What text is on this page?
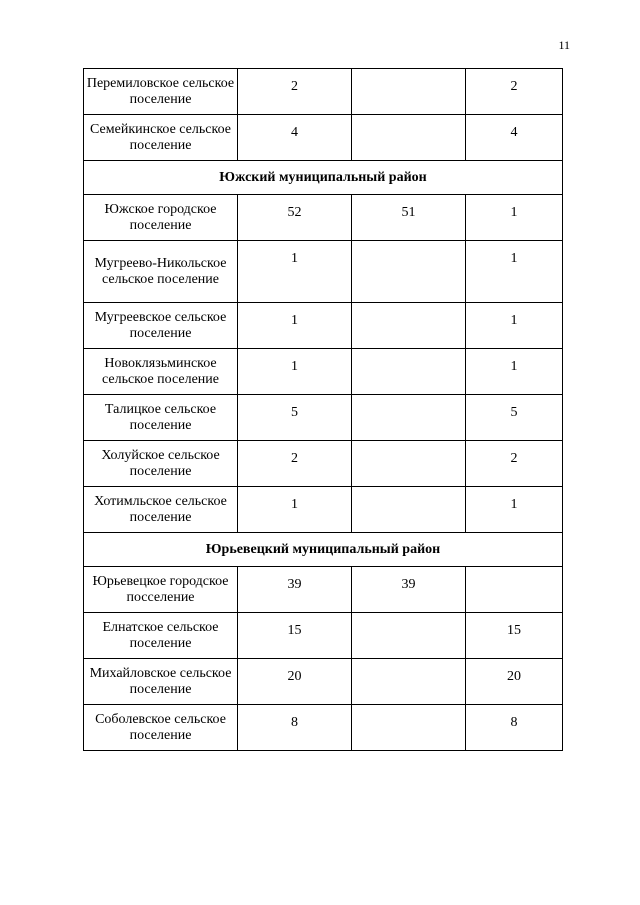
11
Перемиловское сельское поселение	2		2
Семейкинское сельское поселение	4		4
Южский муниципальный район			
Южское городское поселение	52	51	1
Мугреево-Никольское сельское поселение	1		1
Мугреевское сельское поселение	1		1
Новоклязьминское сельское поселение	1		1
Талицкое сельское поселение	5		5
Холуйское сельское поселение	2		2
Хотимльское сельское поселение	1		1
Юрьевецкий муниципальный район			
Юрьевецкое городское посселение	39	39	
Елнатское сельское поселение	15		15
Михайловское сельское поселение	20		20
Соболевское сельское поселение	8		8
